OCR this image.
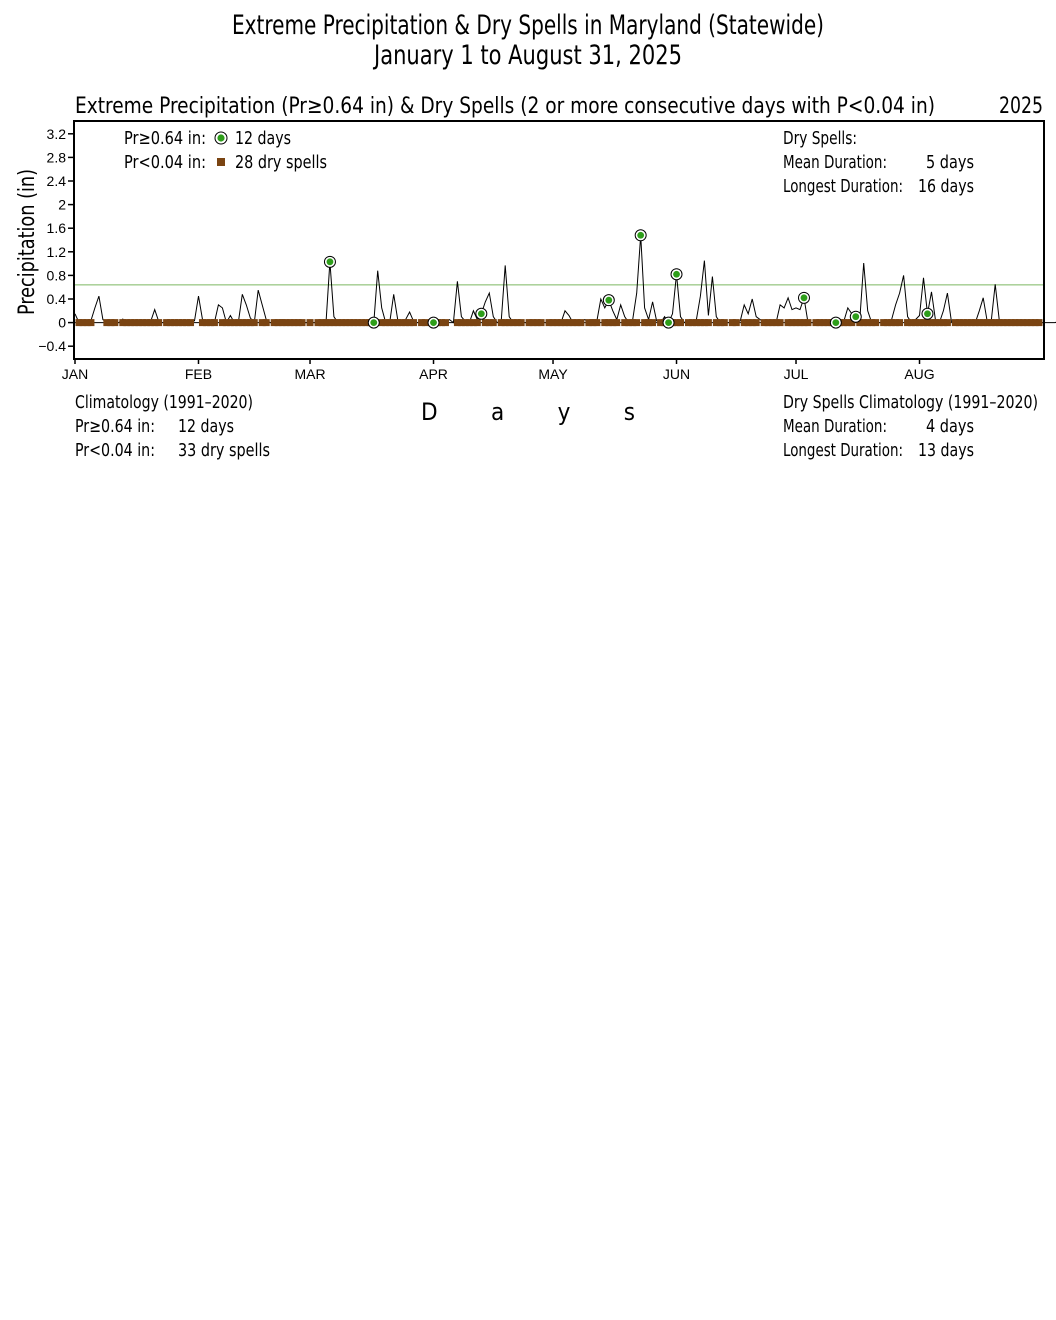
Extreme Precipitation & Dry Spells in Maryland (Statewide)
January 1 to August 31, 2025
Extreme Precipitation (Pr≥0.64 in) & Dry Spells (2 or more consecutive days with P<0.04 in)	2025
Precipitation (in)
3.2
2.8
2.4
2
1.6
1.2
0.8
0.4
0
−0.4
JAN	FEB	MAR	APR	MAY	JUN	JUL	AUG
Pr≥0.64 in: 12 days
Pr<0.04 in: 28 dry spells
Dry Spells:
Mean Duration: 5 days
Longest Duration: 16 days
D a y s
Climatology (1991–2020)
Pr≥0.64 in: 12 days
Pr<0.04 in: 33 dry spells
Dry Spells Climatology (1991–2020)
Mean Duration: 4 days
Longest Duration: 13 days
